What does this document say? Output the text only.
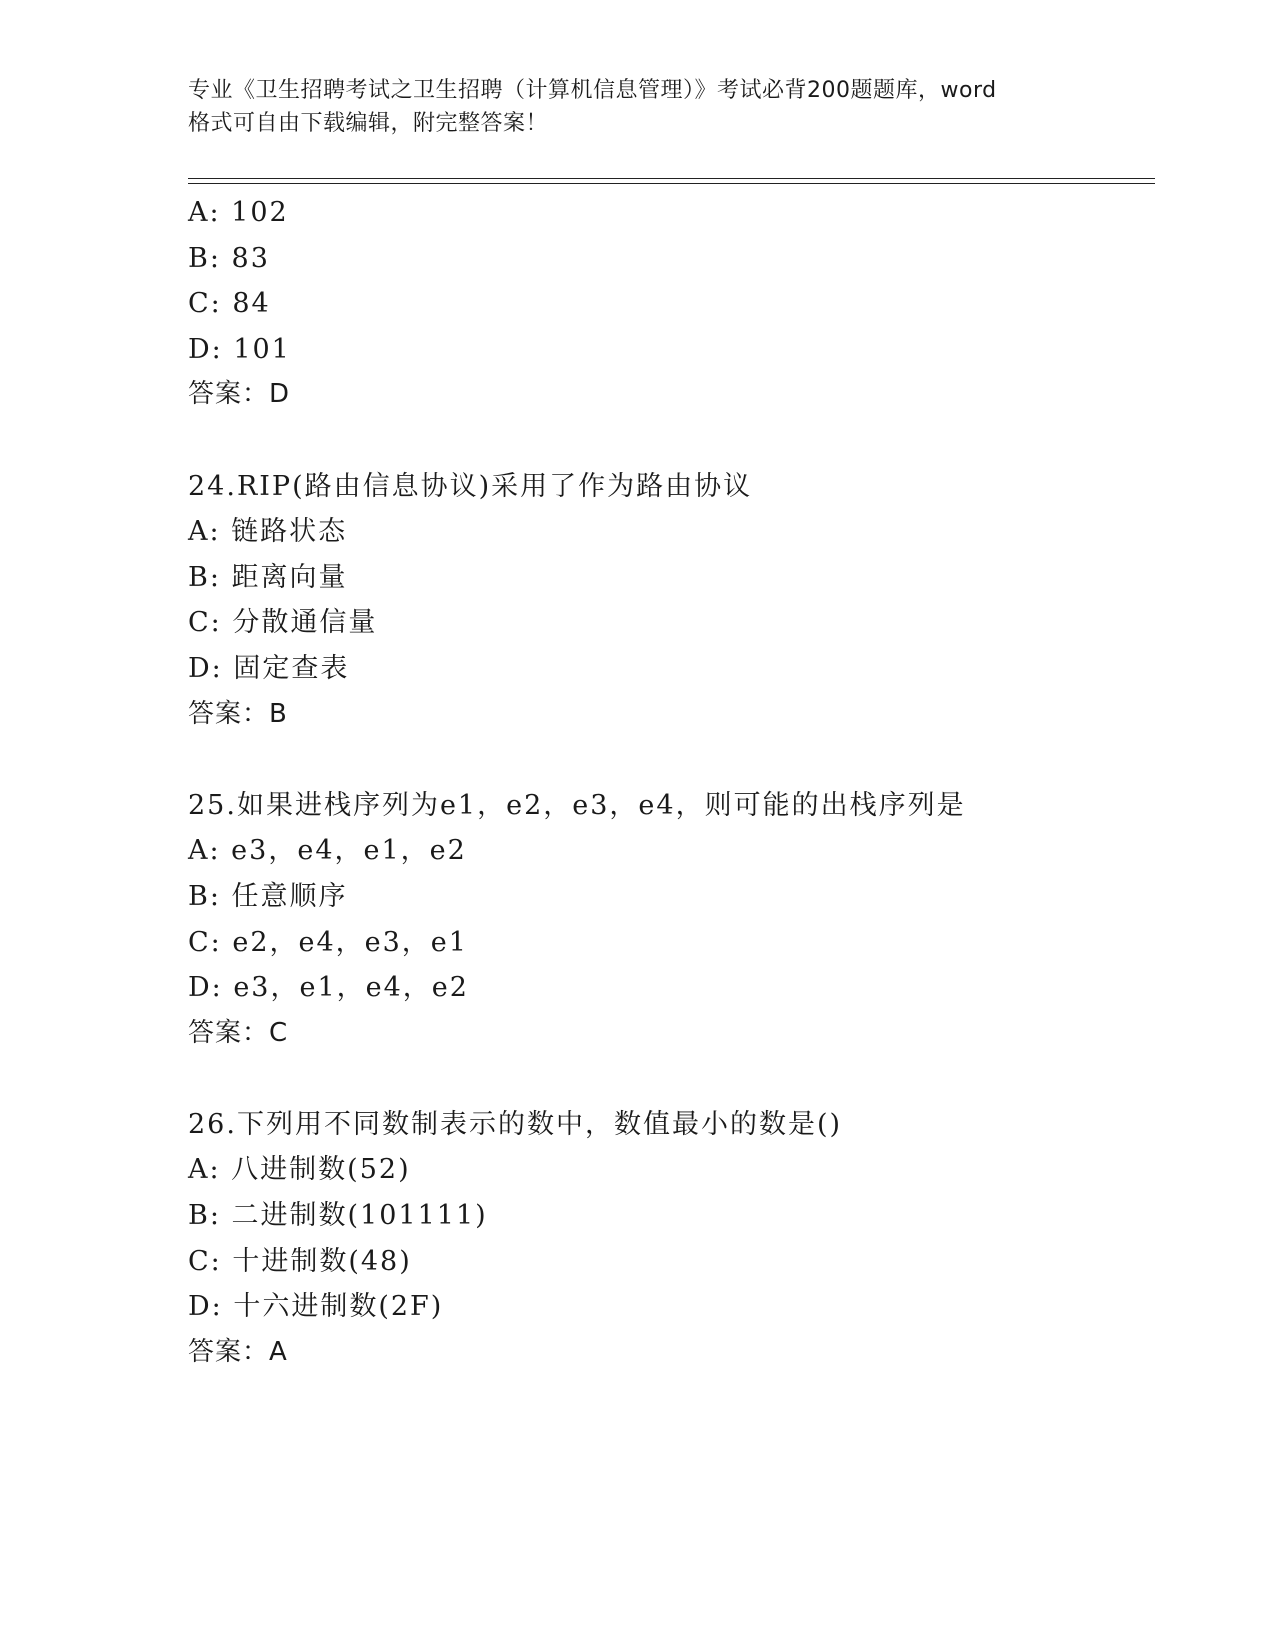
专业《卫生招聘考试之卫生招聘（计算机信息管理）》考试必背200题题库，word
格式可自由下载编辑，附完整答案！
A: 102
B: 83
C: 84
D: 101
答案：D
24.RIP(路由信息协议)采用了作为路由协议
A: 链路状态
B: 距离向量
C: 分散通信量
D: 固定查表
答案：B
25.如果进栈序列为e1，e2，e3，e4，则可能的出栈序列是
A: e3，e4，e1，e2
B: 任意顺序
C: e2，e4，e3，e1
D: e3，e1，e4，e2
答案：C
26.下列用不同数制表示的数中，数值最小的数是()
A: 八进制数(52)
B: 二进制数(101111)
C: 十进制数(48)
D: 十六进制数(2F)
答案：A
